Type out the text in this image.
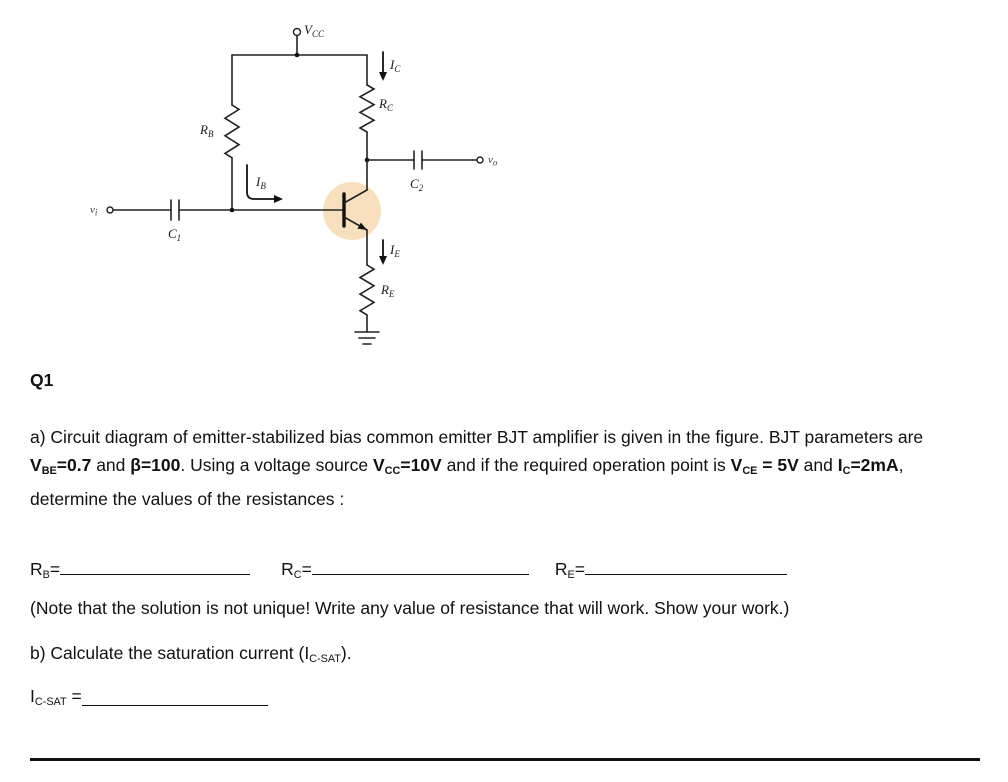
$V_{CC}$
$R_B$
$I_C$
$R_C$
$v_o$
$C_2$
$v_i$
$C_1$
$I_B$
$I_E$
$R_E$
Q1

a) Circuit diagram of emitter-stabilized bias common emitter BJT amplifier is given in the figure. BJT parameters are $V_{BE}=0.7$ and β=100. Using a voltage source $V_{CC}=10V$ and if the required operation point is $V_{CE} = 5V$ and $I_C=2mA$, determine the values of the resistances :

$R_B=$	$R_C=$	$R_E=$
(Note that the solution is not unique! Write any value of resistance that will work. Show your work.)
b) Calculate the saturation current $(I_{C-SAT})$.
$I_{C-SAT}$ =
